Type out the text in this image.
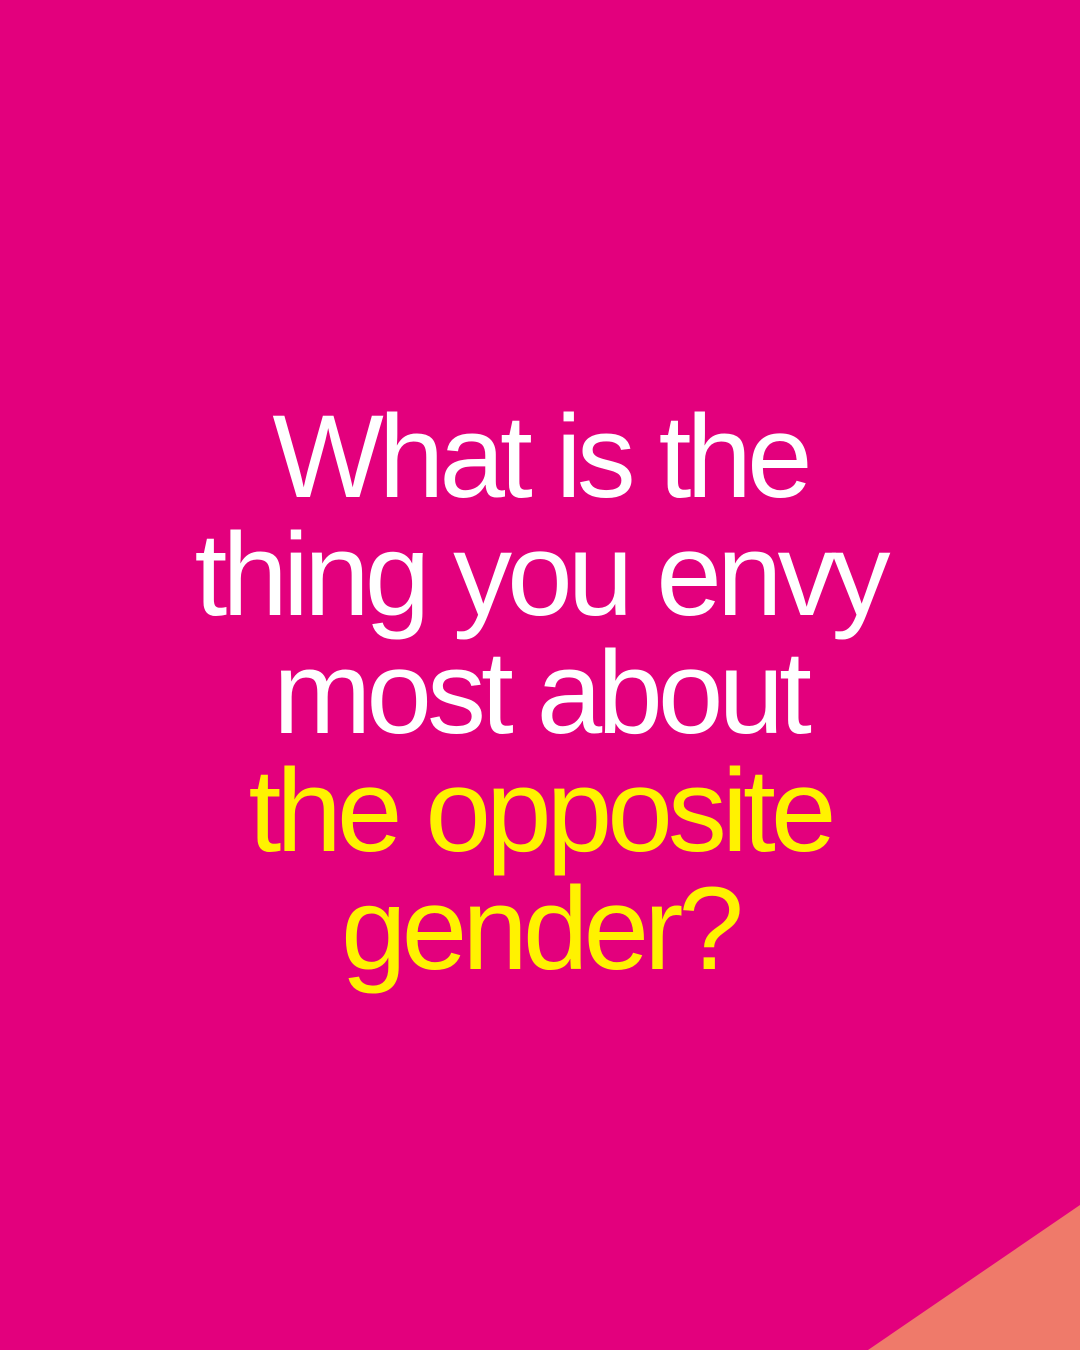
What is the
thing you envy
most about
the opposite
gender?
